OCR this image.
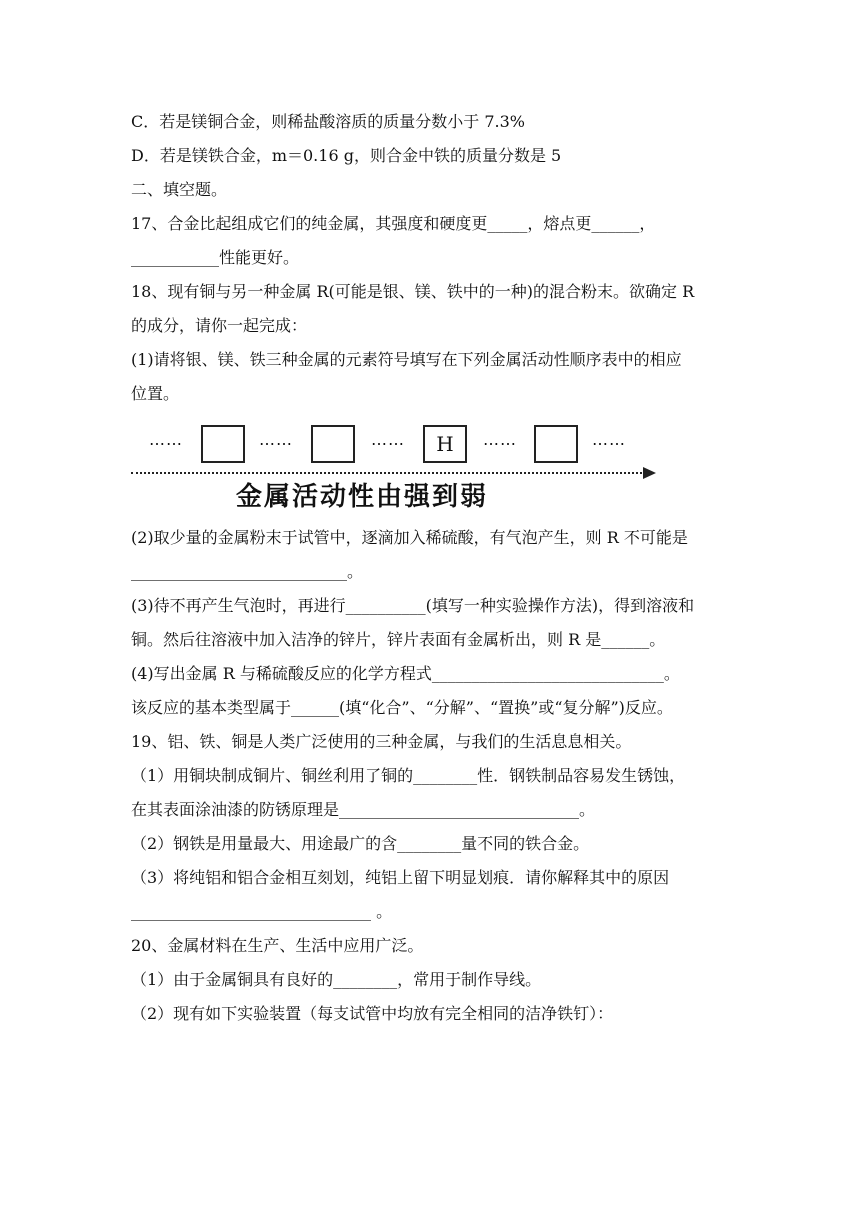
C．若是镁铜合金，则稀盐酸溶质的质量分数小于 7.3%
D．若是镁铁合金，m＝0.16 g，则合金中铁的质量分数是 5
二、填空题。
17、合金比起组成它们的纯金属，其强度和硬度更_____，熔点更______，
___________性能更好。
18、现有铜与另一种金属 R(可能是银、镁、铁中的一种)的混合粉末。欲确定 R
的成分，请你一起完成：
(1)请将银、镁、铁三种金属的元素符号填写在下列金属活动性顺序表中的相应
位置。
……	……	……	H	……	……
金属活动性由强到弱
(2)取少量的金属粉末于试管中，逐滴加入稀硫酸，有气泡产生，则 R 不可能是
___________________________。
(3)待不再产生气泡时，再进行__________(填写一种实验操作方法)，得到溶液和
铜。然后往溶液中加入洁净的锌片，锌片表面有金属析出，则 R 是______。
(4)写出金属 R 与稀硫酸反应的化学方程式_____________________________。
该反应的基本类型属于______(填“化合”、“分解”、“置换”或“复分解”)反应。
19、铝、铁、铜是人类广泛使用的三种金属，与我们的生活息息相关。
（1）用铜块制成铜片、铜丝利用了铜的________性．钢铁制品容易发生锈蚀，
在其表面涂油漆的防锈原理是______________________________。
（2）钢铁是用量最大、用途最广的含________量不同的铁合金。
（3）将纯铝和铝合金相互刻划，纯铝上留下明显划痕．请你解释其中的原因
______________________________ 。
20、金属材料在生产、生活中应用广泛。
（1）由于金属铜具有良好的________，常用于制作导线。
（2）现有如下实验装置（每支试管中均放有完全相同的洁净铁钉）：
